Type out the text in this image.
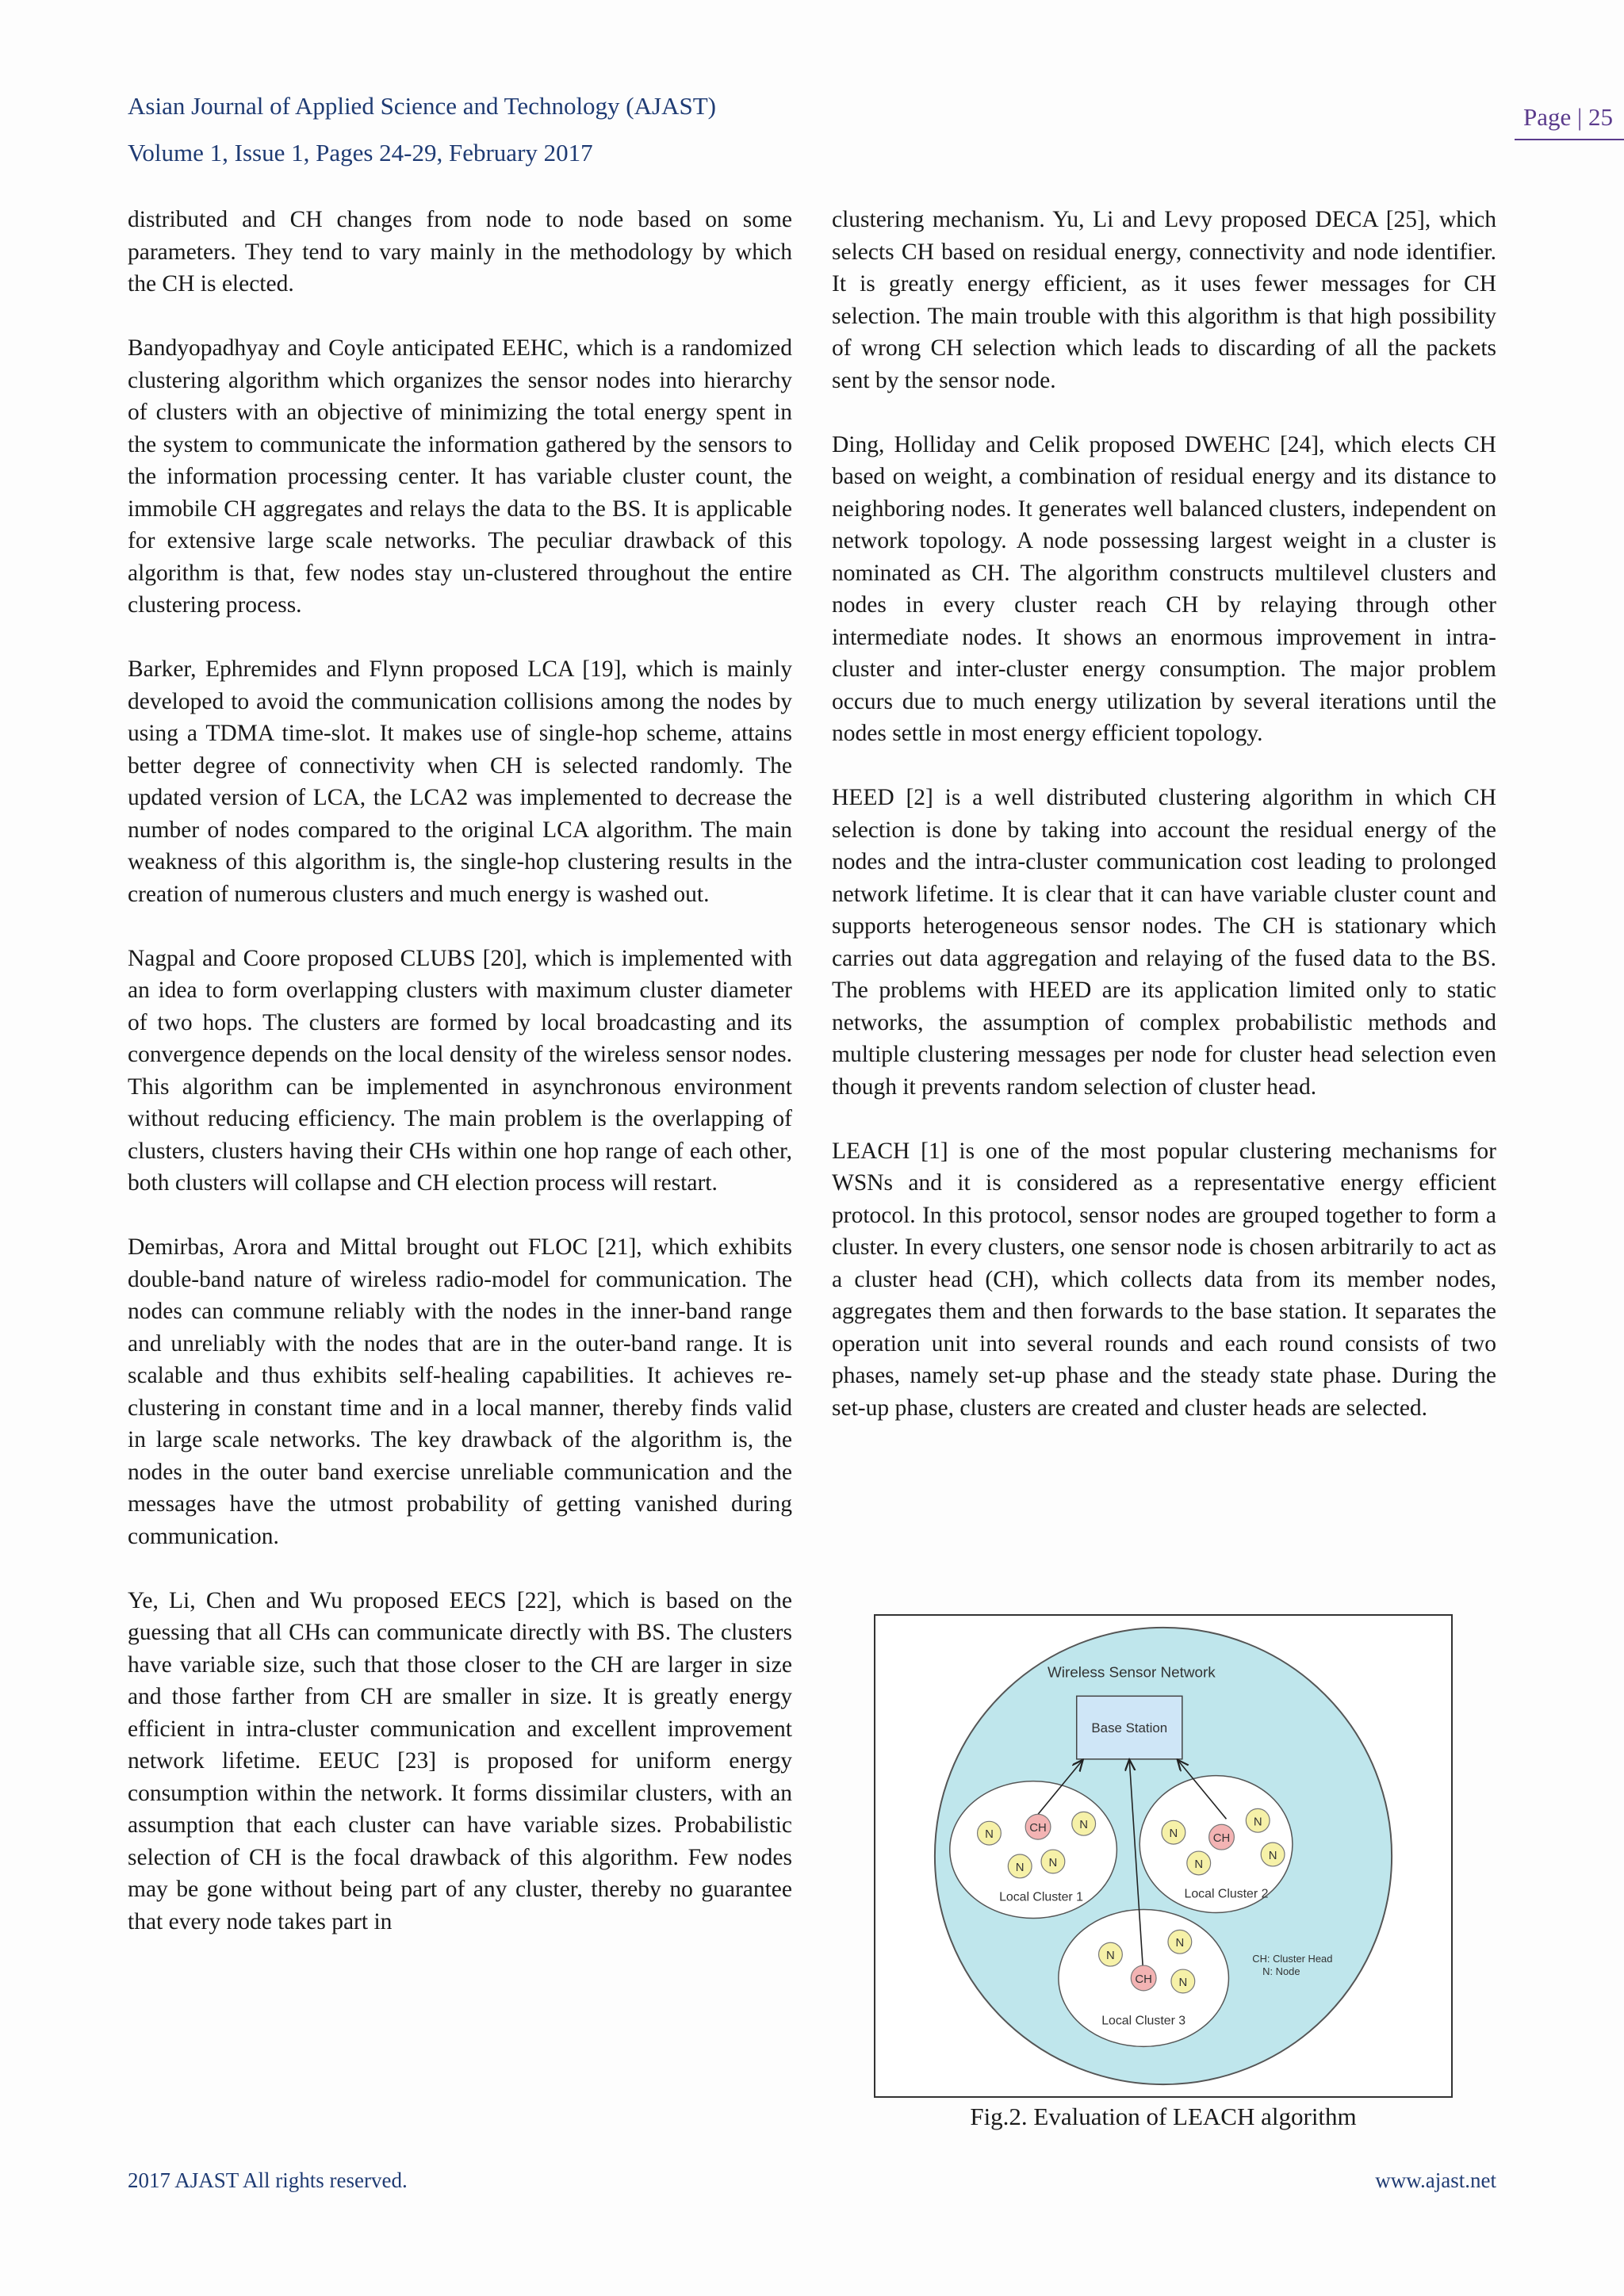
Asian Journal of Applied Science and Technology (AJAST)
Volume 1, Issue 1, Pages 24-29, February 2017
Page | 25

distributed and CH changes from node to node based on some parameters. They tend to vary mainly in the methodology by which the CH is elected.

Bandyopadhyay and Coyle anticipated EEHC, which is a randomized clustering algorithm which organizes the sensor nodes into hierarchy of clusters with an objective of minimizing the total energy spent in the system to communicate the information gathered by the sensors to the information processing center. It has variable cluster count, the immobile CH aggregates and relays the data to the BS. It is applicable for extensive large scale networks. The peculiar drawback of this algorithm is that, few nodes stay un-clustered throughout the entire clustering process.

Barker, Ephremides and Flynn proposed LCA [19], which is mainly developed to avoid the communication collisions among the nodes by using a TDMA time-slot. It makes use of single-hop scheme, attains better degree of connectivity when CH is selected randomly. The updated version of LCA, the LCA2 was implemented to decrease the number of nodes compared to the original LCA algorithm. The main weakness of this algorithm is, the single-hop clustering results in the creation of numerous clusters and much energy is washed out.

Nagpal and Coore proposed CLUBS [20], which is implemented with an idea to form overlapping clusters with maximum cluster diameter of two hops. The clusters are formed by local broadcasting and its convergence depends on the local density of the wireless sensor nodes. This algorithm can be implemented in asynchronous environment without reducing efficiency. The main problem is the overlapping of clusters, clusters having their CHs within one hop range of each other, both clusters will collapse and CH election process will restart.

Demirbas, Arora and Mittal brought out FLOC [21], which exhibits double-band nature of wireless radio-model for communication. The nodes can commune reliably with the nodes in the inner-band range and unreliably with the nodes that are in the outer-band range. It is scalable and thus exhibits self-healing capabilities. It achieves re-clustering in constant time and in a local manner, thereby finds valid in large scale networks. The key drawback of the algorithm is, the nodes in the outer band exercise unreliable communication and the messages have the utmost probability of getting vanished during communication.

Ye, Li, Chen and Wu proposed EECS [22], which is based on the guessing that all CHs can communicate directly with BS. The clusters have variable size, such that those closer to the CH are larger in size and those farther from CH are smaller in size. It is greatly energy efficient in intra-cluster communication and excellent improvement network lifetime. EEUC [23] is proposed for uniform energy consumption within the network. It forms dissimilar clusters, with an assumption that each cluster can have variable sizes. Probabilistic selection of CH is the focal drawback of this algorithm. Few nodes may be gone without being part of any cluster, thereby no guarantee that every node takes part in

clustering mechanism. Yu, Li and Levy proposed DECA [25], which selects CH based on residual energy, connectivity and node identifier. It is greatly energy efficient, as it uses fewer messages for CH selection. The main trouble with this algorithm is that high possibility of wrong CH selection which leads to discarding of all the packets sent by the sensor node.

Ding, Holliday and Celik proposed DWEHC [24], which elects CH based on weight, a combination of residual energy and its distance to neighboring nodes. It generates well balanced clusters, independent on network topology. A node possessing largest weight in a cluster is nominated as CH. The algorithm constructs multilevel clusters and nodes in every cluster reach CH by relaying through other intermediate nodes. It shows an enormous improvement in intra-cluster and inter-cluster energy consumption. The major problem occurs due to much energy utilization by several iterations until the nodes settle in most energy efficient topology.

HEED [2] is a well distributed clustering algorithm in which CH selection is done by taking into account the residual energy of the nodes and the intra-cluster communication cost leading to prolonged network lifetime. It is clear that it can have variable cluster count and supports heterogeneous sensor nodes. The CH is stationary which carries out data aggregation and relaying of the fused data to the BS. The problems with HEED are its application limited only to static networks, the assumption of complex probabilistic methods and multiple clustering messages per node for cluster head selection even though it prevents random selection of cluster head.

LEACH [1] is one of the most popular clustering mechanisms for WSNs and it is considered as a representative energy efficient protocol. In this protocol, sensor nodes are grouped together to form a cluster. In every clusters, one sensor node is chosen arbitrarily to act as a cluster head (CH), which collects data from its member nodes, aggregates them and then forwards to the base station. It separates the operation unit into several rounds and each round consists of two phases, namely set-up phase and the steady state phase. During the set-up phase, clusters are created and cluster heads are selected.

Wireless Sensor Network
Base Station
N	CH	N
N N
Local Cluster 1
N	CH
N
N
N
Local Cluster 2
N
N
CH N
Local Cluster 3
CH: Cluster Head
N: Node
Fig.2. Evaluation of LEACH algorithm
2017 AJAST All rights reserved.	www.ajast.net
